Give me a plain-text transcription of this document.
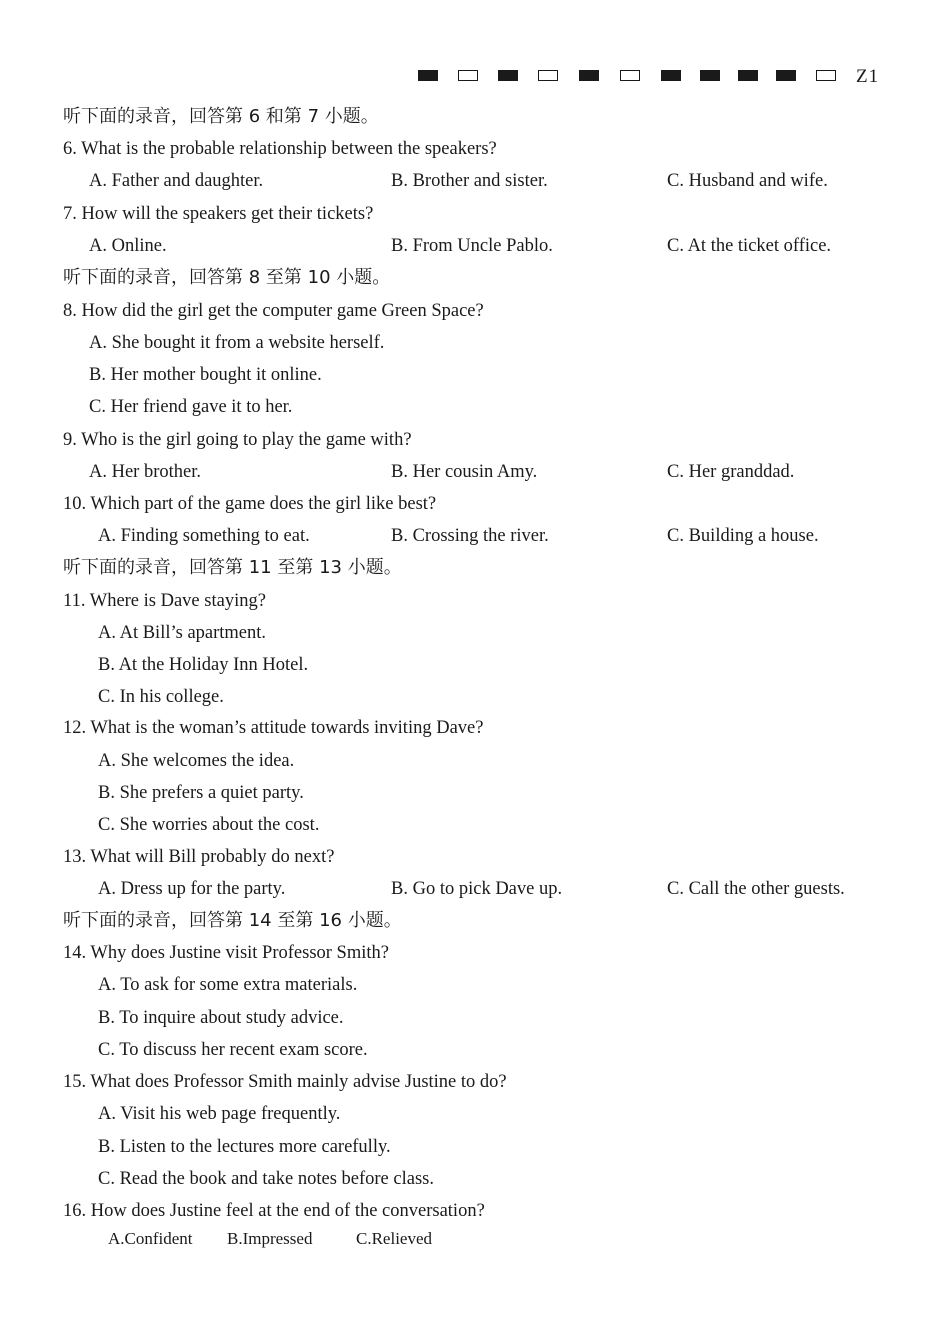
Z1
听下面的录音，回答第 6 和第 7 小题。
6. What is the probable relationship between the speakers?
A. Father and daughter.	B. Brother and sister.	C. Husband and wife.
7. How will the speakers get their tickets?
A. Online.	B. From Uncle Pablo.	C. At the ticket office.
听下面的录音，回答第 8 至第 10 小题。
8. How did the girl get the computer game Green Space?
A. She bought it from a website herself.
B. Her mother bought it online.
C. Her friend gave it to her.
9. Who is the girl going to play the game with?
A. Her brother.	B. Her cousin Amy.	C. Her granddad.
10. Which part of the game does the girl like best?
A. Finding something to eat.	B. Crossing the river.	C. Building a house.
听下面的录音，回答第 11 至第 13 小题。
11. Where is Dave staying?
A. At Bill’s apartment.
B. At the Holiday Inn Hotel.
C. In his college.
12. What is the woman’s attitude towards inviting Dave?
A. She welcomes the idea.
B. She prefers a quiet party.
C. She worries about the cost.
13. What will Bill probably do next?
A. Dress up for the party.	B. Go to pick Dave up.	C. Call the other guests.
听下面的录音，回答第 14 至第 16 小题。
14. Why does Justine visit Professor Smith?
A. To ask for some extra materials.
B. To inquire about study advice.
C. To discuss her recent exam score.
15. What does Professor Smith mainly advise Justine to do?
A. Visit his web page frequently.
B. Listen to the lectures more carefully.
C. Read the book and take notes before class.
16. How does Justine feel at the end of the conversation?
A.Confident B.Impressed	C.Relieved
